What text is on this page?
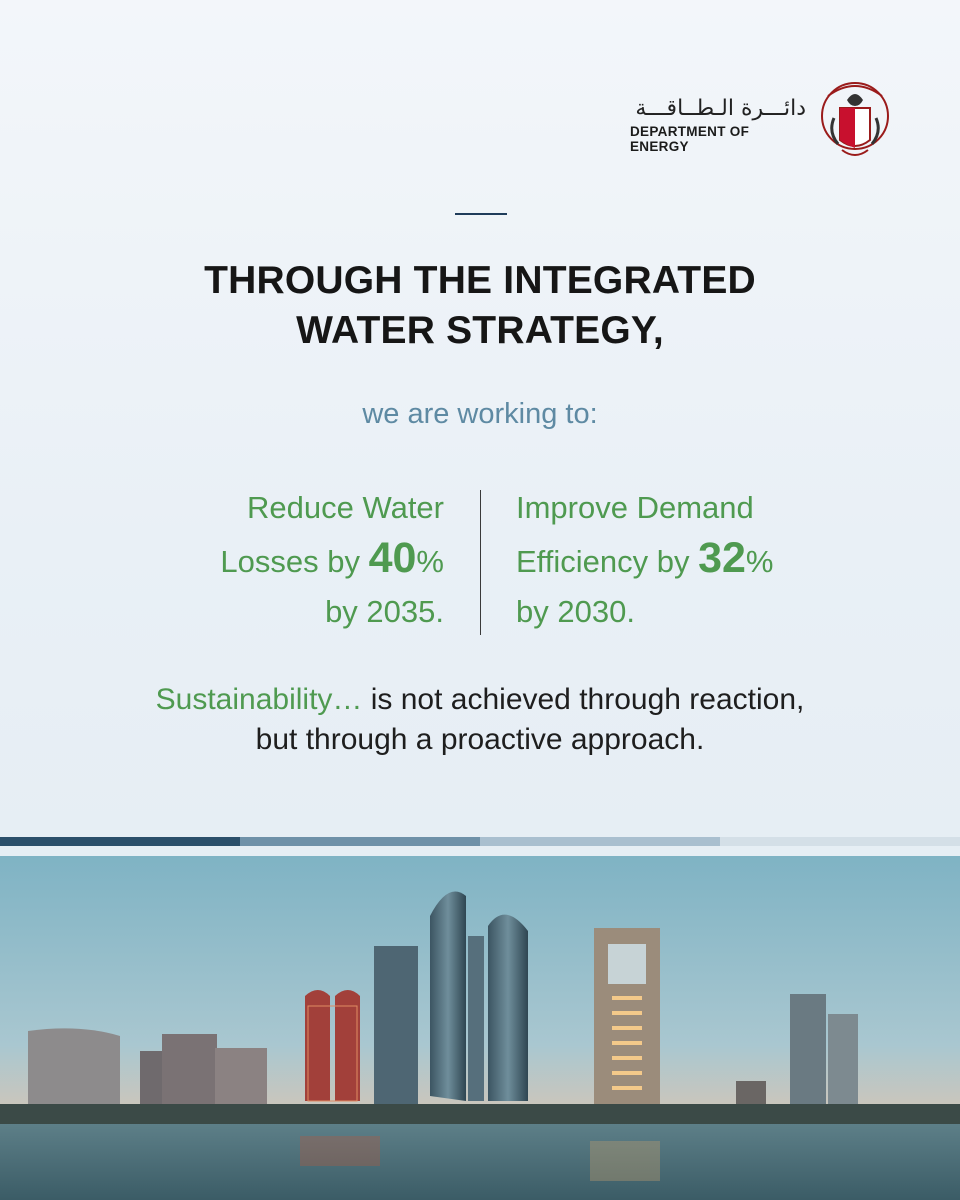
دائـــرة الـطــاقـــة
DEPARTMENT OF ENERGY
THROUGH THE INTEGRATED
WATER STRATEGY,
we are working to:
Reduce Water
Losses by 40%
by 2035.
Improve Demand
Efficiency by 32%
by 2030.
Sustainability… is not achieved through reaction,
but through a proactive approach.
